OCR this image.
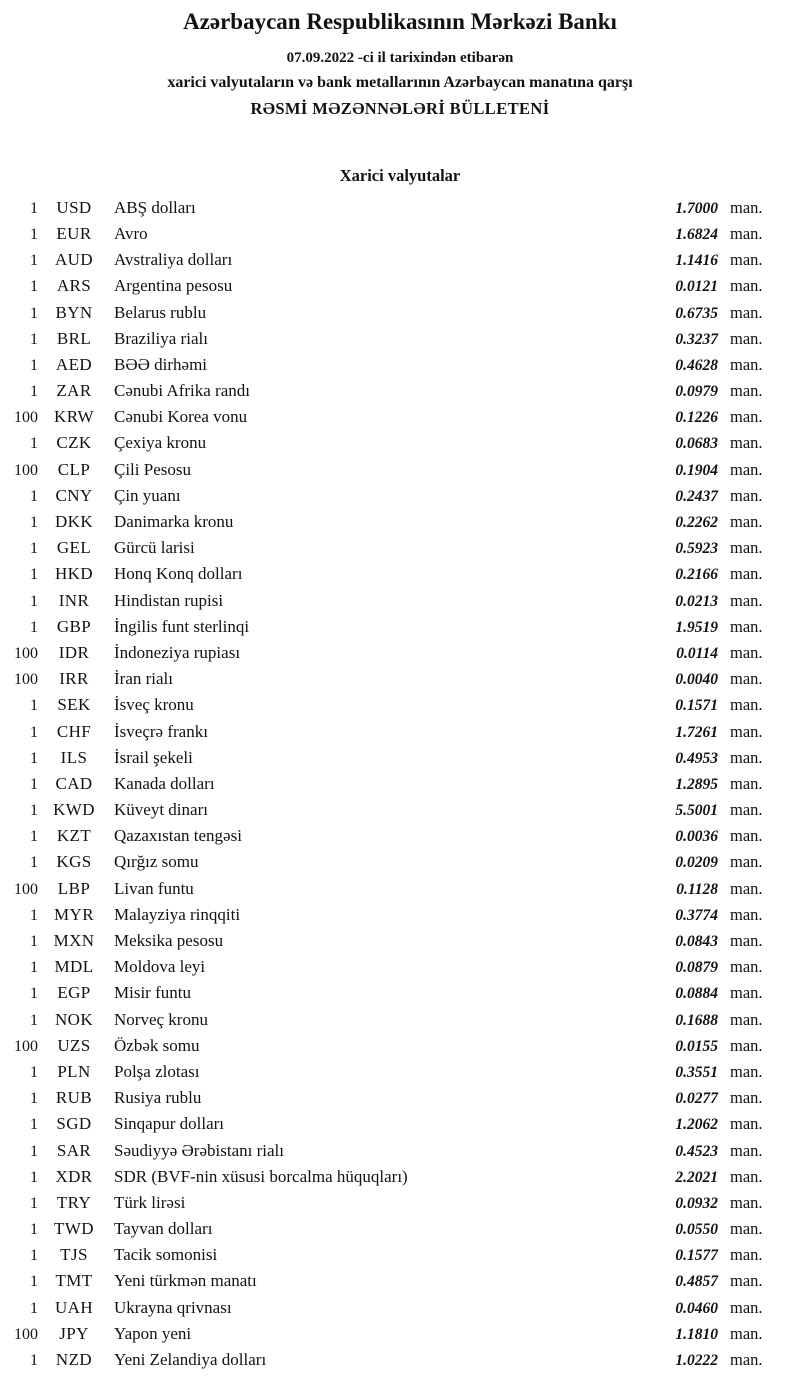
Azərbaycan Respublikasının Mərkəzi Bankı
07.09.2022 -ci il tarixindən etibarən
xarici valyutaların və bank metallarının Azərbaycan manatına qarşı
RƏSMİ MƏZƏNNƏLƏRİ BÜLLETENİ
Xarici valyutalar
1	USD	ABŞ dolları	1.7000 man.
1	EUR	Avro	1.6824 man.
1 AUD	Avstraliya dolları	1.1416 man.
1	ARS	Argentina pesosu	0.0121 man.
1	BYN	Belarus rublu	0.6735 man.
1	BRL	Braziliya rialı	0.3237 man.
1	AED	BƏƏ dirhəmi	0.4628 man.
1	ZAR	Cənubi Afrika randı	0.0979 man.
100 KRW	Cənubi Korea vonu	0.1226 man.
1	CZK	Çexiya kronu	0.0683 man.
100	CLP	Çili Pesosu	0.1904 man.
1	CNY	Çin yuanı	0.2437 man.
1 DKK	Danimarka kronu	0.2262 man.
1	GEL	Gürcü larisi	0.5923 man.
1 HKD	Honq Konq dolları	0.2166 man.
1	INR	Hindistan rupisi	0.0213 man.
1	GBP	İngilis funt sterlinqi	1.9519 man.
100	IDR	İndoneziya rupiası	0.0114 man.
100	IRR	İran rialı	0.0040 man.
1	SEK	İsveç kronu	0.1571 man.
1	CHF	İsveçrə frankı	1.7261 man.
1	ILS	İsrail şekeli	0.4953 man.
1	CAD	Kanada dolları	1.2895 man.
1 KWD	Küveyt dinarı	5.5001 man.
1	KZT	Qazaxıstan tengəsi	0.0036 man.
1	KGS	Qırğız somu	0.0209 man.
100	LBP	Livan funtu	0.1128 man.
1 MYR	Malayziya rinqqiti	0.3774 man.
1 MXN	Meksika pesosu	0.0843 man.
1 MDL	Moldova leyi	0.0879 man.
1	EGP	Misir funtu	0.0884 man.
1 NOK	Norveç kronu	0.1688 man.
100	UZS	Özbək somu	0.0155 man.
1	PLN	Polşa zlotası	0.3551 man.
1	RUB	Rusiya rublu	0.0277 man.
1	SGD	Sinqapur dolları	1.2062 man.
1	SAR	Səudiyyə Ərəbistanı rialı	0.4523 man.
1	XDR	SDR (BVF-nin xüsusi borcalma hüquqları)	2.2021 man.
1	TRY	Türk lirəsi	0.0932 man.
1 TWD	Tayvan dolları	0.0550 man.
1	TJS	Tacik somonisi	0.1577 man.
1	TMT	Yeni türkmən manatı	0.4857 man.
1 UAH	Ukrayna qrivnası	0.0460 man.
100	JPY	Yapon yeni	1.1810 man.
1	NZD	Yeni Zelandiya dolları	1.0222 man.
